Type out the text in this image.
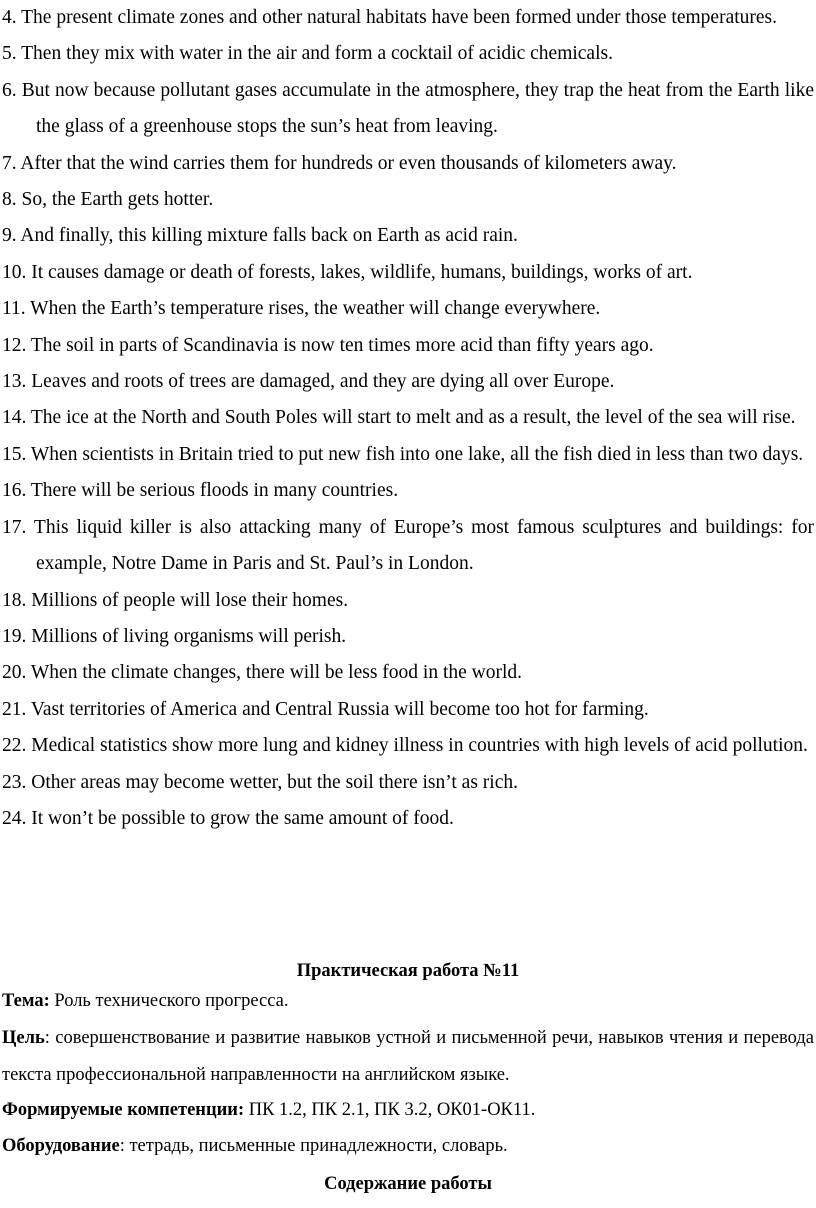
4. The present climate zones and other natural habitats have been formed under those temperatures.

5. Then they mix with water in the air and form a cocktail of acidic chemicals.

6. But now because pollutant gases accumulate in the atmosphere, they trap the heat from the Earth like the glass of a greenhouse stops the sun’s heat from leaving.

7. After that the wind carries them for hundreds or even thousands of kilometers away.

8. So, the Earth gets hotter.

9. And finally, this killing mixture falls back on Earth as acid rain.

10. It causes damage or death of forests, lakes, wildlife, humans, buildings, works of art.

11. When the Earth’s temperature rises, the weather will change everywhere.

12. The soil in parts of Scandinavia is now ten times more acid than fifty years ago.

13. Leaves and roots of trees are damaged, and they are dying all over Europe.

14. The ice at the North and South Poles will start to melt and as a result, the level of the sea will rise.

15. When scientists in Britain tried to put new fish into one lake, all the fish died in less than two days.

16. There will be serious floods in many countries.

17. This liquid killer is also attacking many of Europe’s most famous sculptures and buildings: for example, Notre Dame in Paris and St. Paul’s in London.

18. Millions of people will lose their homes.

19. Millions of living organisms will perish.

20. When the climate changes, there will be less food in the world.

21. Vast territories of America and Central Russia will become too hot for farming.

22. Medical statistics show more lung and kidney illness in countries with high levels of acid pollution.

23. Other areas may become wetter, but the soil there isn’t as rich.

24. It won’t be possible to grow the same amount of food.

Практическая работа №11

Тема: Роль технического прогресса.

Цель: совершенствование и развитие навыков устной и письменной речи, навыков чтения и перевода текста профессиональной направленности на английском языке.

Формируемые компетенции: ПК 1.2, ПК 2.1, ПК 3.2, ОК01-ОК11.

Оборудование: тетрадь, письменные принадлежности, словарь.

Содержание работы
